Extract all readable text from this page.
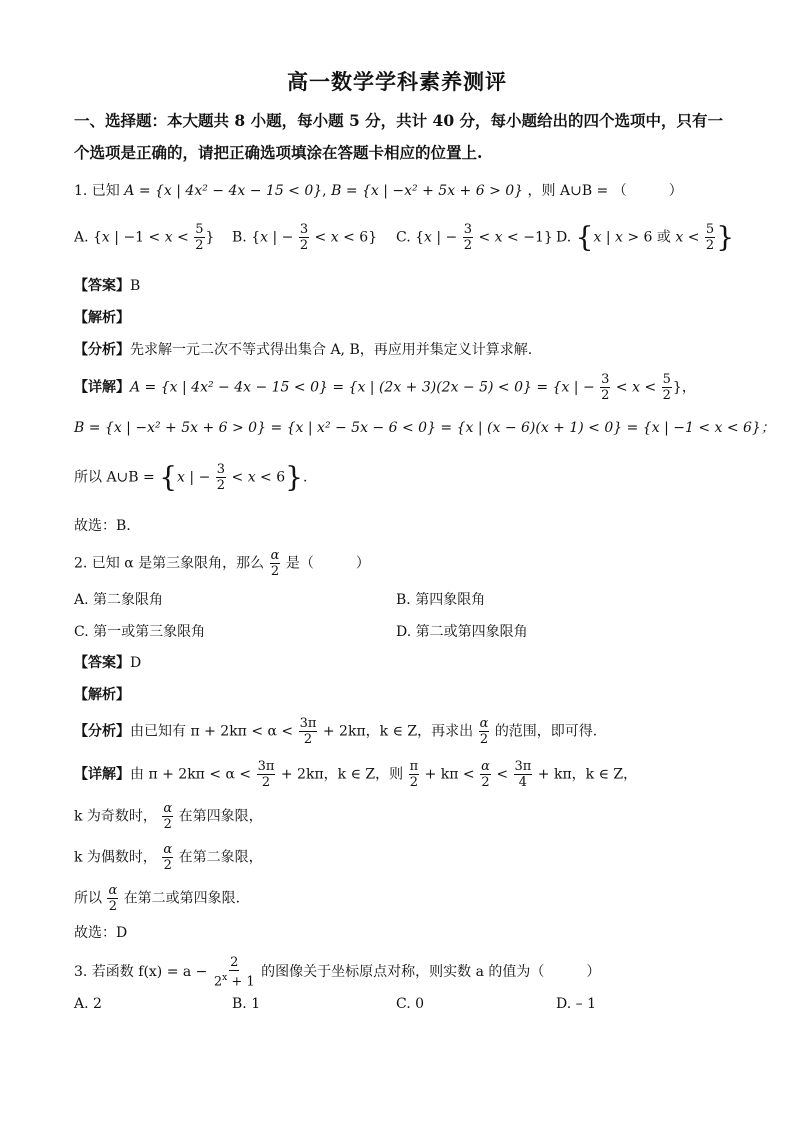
高一数学学科素养测评
一、选择题：本大题共 8 小题，每小题 5 分，共计 40 分，每小题给出的四个选项中，只有一
个选项是正确的，请把正确选项填涂在答题卡相应的位置上.
1. 已知 A = {x | 4x² − 4x − 15 < 0}, B = {x | −x² + 5x + 6 > 0} ，则 A∪B = （　　　）
A. {x | $-1 < x < \frac{5}{2}$ } B. {x | − $\frac{3}{2} < x < 6$} C. {x | − $\frac{3}{2} < x < -1$} D. {x | x > 6 或 $x < \frac{5}{2}$ }
【答案】B
【解析】
【分析】先求解一元二次不等式得出集合 A, B，再应用并集定义计算求解.
【详解】A = {x | 4x² − 4x − 15 < 0} = {x | (2x + 3)(2x − 5) < 0} = {x | − $\frac{3}{2} < x < \frac{5}{2}$ }，
B = {x | −x² + 5x + 6 > 0} = {x | x² − 5x − 6 < 0} = {x | (x − 6)(x + 1) < 0} = {x | −1 < x < 6}；
所以 A∪B = {x | − $\frac{3}{2} < x < 6$}.
故选：B.
2. 已知 α 是第三象限角，那么 $\frac{\alpha}{2}$ 是（　　　）
A. 第二象限角	B. 第四象限角
C. 第一或第三象限角	D. 第二或第四象限角
【答案】D
【解析】
【分析】由已知有 $\pi + 2k\pi < \alpha < \frac{3\pi}{2} + 2k\pi$，k ∈ Z，再求出 $\frac{\alpha}{2}$ 的范围，即可得.
【详解】由 $\pi + 2k\pi < \alpha < \frac{3\pi}{2} + 2k\pi$，k ∈ Z，则 $\frac{\pi}{2} + k\pi < \frac{\alpha}{2} < \frac{3\pi}{4} + k\pi$，k ∈ Z，
k 为奇数时， $\frac{\alpha}{2}$ 在第四象限，
k 为偶数时， $\frac{\alpha}{2}$ 在第二象限，
所以 $\frac{\alpha}{2}$ 在第二或第四象限.
故选：D
3. 若函数 $f(x) = a - \frac{2}{2^x + 1}$ 的图像关于坐标原点对称，则实数 a 的值为（　　　）
A. 2	B. 1	C. 0	D. – 1
